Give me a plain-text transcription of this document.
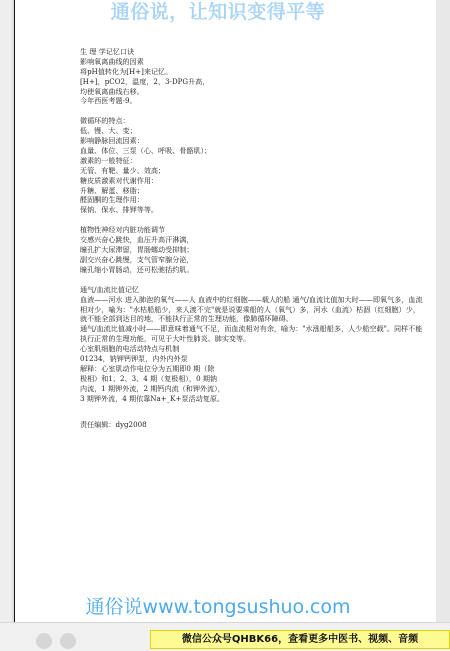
通俗说，让知识变得平等
生 理 学记忆口诀
影响氧离曲线的因素
将pH值转化为[H+]来记忆。
[H+]，pCO2，温度，2，3-DPG升高，
均使氧离曲线右移。
今年西医考题-9。
微循环的特点：
低、慢、大、变；
影响静脉回流因素：
血量、体位、三泵（心、呼吸、骨骼肌）；
激素的一般特征：
无管、有靶、量少、效高；
糖皮质激素对代谢作用：
升糖、解蛋、移脂；
醛固酮的生理作用：
保钠、保水、排钾等等。
植物性神经对内脏功能调节
交感兴奋心跳快，血压升高汗淋漓，
瞳孔扩大尿滞留，胃肠蠕动受抑制；
副交兴奋心跳慢，支气管窄腺分泌，
瞳孔缩小胃肠动，还可松驰括约肌。
通气/血流比值记忆
血液——河水 进入肺泡的氧气——人 血液中的红细胞——载人的船 通气/血流比值加大时——即氧气多，血流相对少，喻为："水枯船船少，来人渡不完"就是说要乘船的人（氧气）多，河水（血流）枯涸（红细胞）少，就不能全部到达目的地，不能执行正常的生理功能，像肺循环障碍。
通气/血流比值减小时——即意味着通气不足，而血流相对有余，喻为："水涨船船多，人少船空载"。同样不能执行正常的生理功能，可见于大叶性肺炎、肺实变等。
心室肌细胞的电活动特点与机制
01234，钠钾钙钾泵，内外内外泵
解释：心室肌动作电位分为五期即0 期（除
极相）和1、2、3、4 期（复极相），0 期钠
内流，1 期钾外流，2 期钙内流（和钾外流），
3 期钾外流，4 期依靠Na+_K+泵活动复原。
责任编辑：dyg2008
通俗说www.tongsushuo.com
微信公众号QHBK66，查看更多中医书、视频、音频
